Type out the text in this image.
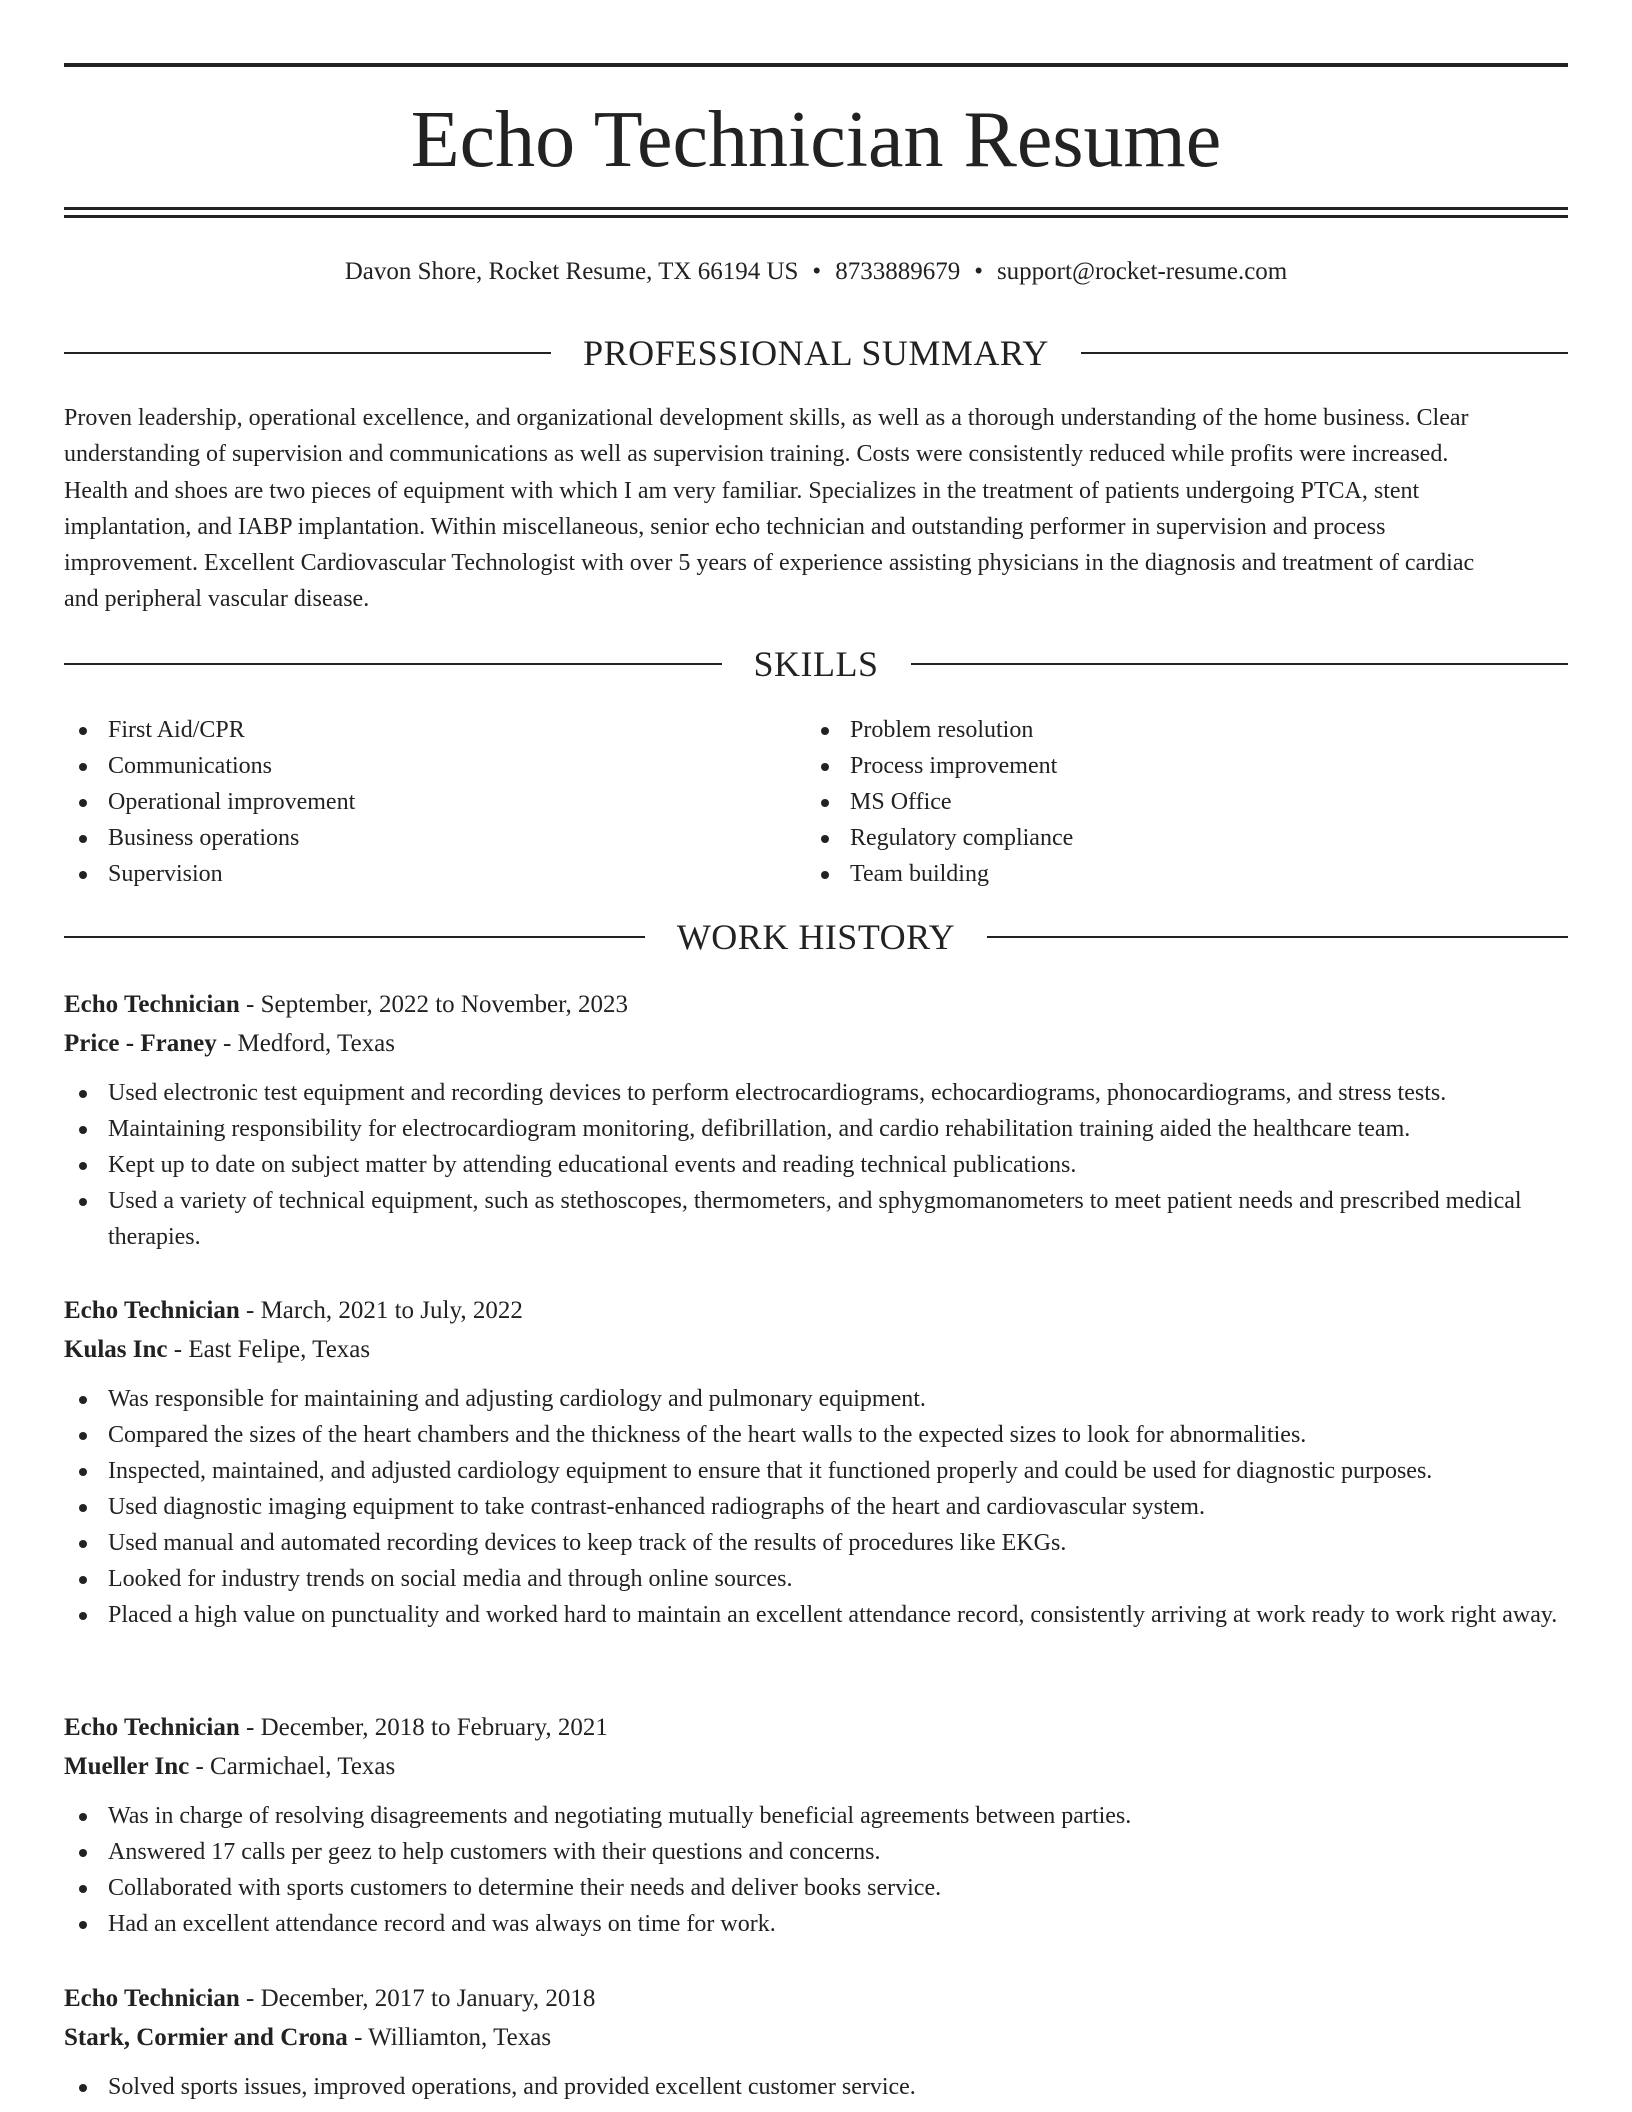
Echo Technician Resume
Davon Shore, Rocket Resume, TX 66194 US • 8733889679 • support@rocket-resume.com
PROFESSIONAL SUMMARY
Proven leadership, operational excellence, and organizational development skills, as well as a thorough understanding of the home business. Clear
understanding of supervision and communications as well as supervision training. Costs were consistently reduced while profits were increased.
Health and shoes are two pieces of equipment with which I am very familiar. Specializes in the treatment of patients undergoing PTCA, stent
implantation, and IABP implantation. Within miscellaneous, senior echo technician and outstanding performer in supervision and process
improvement. Excellent Cardiovascular Technologist with over 5 years of experience assisting physicians in the diagnosis and treatment of cardiac
and peripheral vascular disease.
SKILLS
First Aid/CPR
Communications
Operational improvement
Business operations
Supervision
Problem resolution
Process improvement
MS Office
Regulatory compliance
Team building
WORK HISTORY
Echo Technician - September, 2022 to November, 2023
Price - Franey - Medford, Texas
Used electronic test equipment and recording devices to perform electrocardiograms, echocardiograms, phonocardiograms, and stress tests.
Maintaining responsibility for electrocardiogram monitoring, defibrillation, and cardio rehabilitation training aided the healthcare team.
Kept up to date on subject matter by attending educational events and reading technical publications.
Used a variety of technical equipment, such as stethoscopes, thermometers, and sphygmomanometers to meet patient needs and prescribed medical therapies.
Echo Technician - March, 2021 to July, 2022
Kulas Inc - East Felipe, Texas
Was responsible for maintaining and adjusting cardiology and pulmonary equipment.
Compared the sizes of the heart chambers and the thickness of the heart walls to the expected sizes to look for abnormalities.
Inspected, maintained, and adjusted cardiology equipment to ensure that it functioned properly and could be used for diagnostic purposes.
Used diagnostic imaging equipment to take contrast-enhanced radiographs of the heart and cardiovascular system.
Used manual and automated recording devices to keep track of the results of procedures like EKGs.
Looked for industry trends on social media and through online sources.
Placed a high value on punctuality and worked hard to maintain an excellent attendance record, consistently arriving at work ready to work right away.
Echo Technician - December, 2018 to February, 2021
Mueller Inc - Carmichael, Texas
Was in charge of resolving disagreements and negotiating mutually beneficial agreements between parties.
Answered 17 calls per geez to help customers with their questions and concerns.
Collaborated with sports customers to determine their needs and deliver books service.
Had an excellent attendance record and was always on time for work.
Echo Technician - December, 2017 to January, 2018
Stark, Cormier and Crona - Williamton, Texas
Solved sports issues, improved operations, and provided excellent customer service.
